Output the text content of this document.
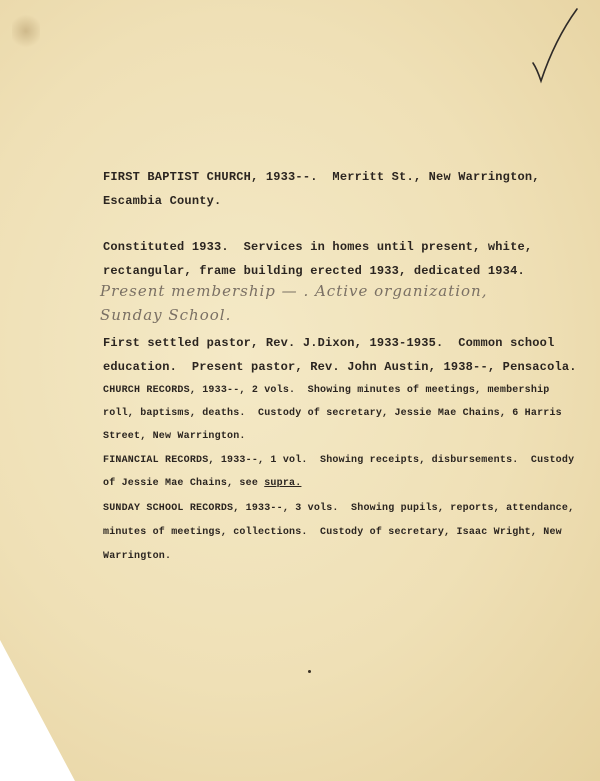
FIRST BAPTIST CHURCH, 1933--.  Merritt St., New Warrington,
Escambia County.
Constituted 1933.  Services in homes until present, white,
rectangular, frame building erected 1933, dedicated 1934.
Present membership — . Active organization,
Sunday School.
First settled pastor, Rev. J.Dixon, 1933-1935.  Common school
education.  Present pastor, Rev. John Austin, 1938--, Pensacola.
CHURCH RECORDS, 1933--, 2 vols.  Showing minutes of meetings, membership
roll, baptisms, deaths.  Custody of secretary, Jessie Mae Chains, 6 Harris
Street, New Warrington.
FINANCIAL RECORDS, 1933--, 1 vol.  Showing receipts, disbursements.  Custody
of Jessie Mae Chains, see supra.
SUNDAY SCHOOL RECORDS, 1933--, 3 vols.  Showing pupils, reports, attendance,
minutes of meetings, collections.  Custody of secretary, Isaac Wright, New
Warrington.
